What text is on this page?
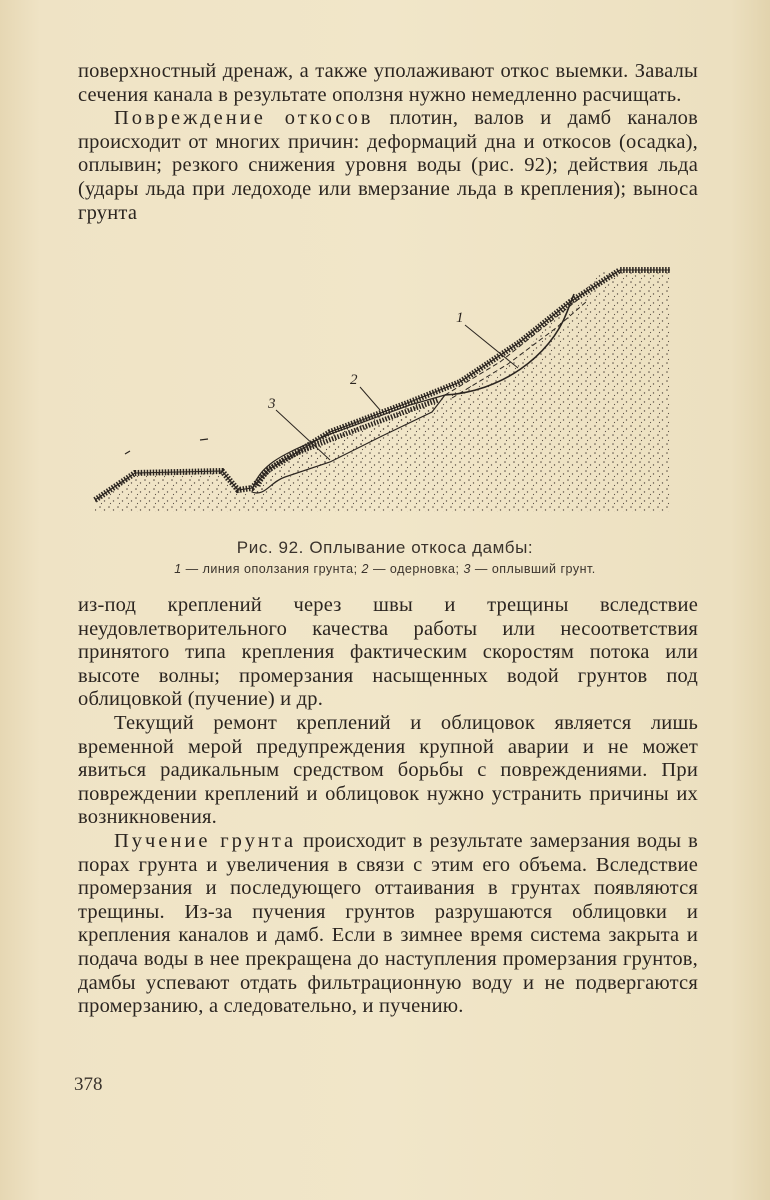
поверхностный дренаж, а также уполаживают откос выемки. Завалы сечения канала в результате оползня нужно немедленно расчищать.

Повреждение откосов плотин, валов и дамб каналов происходит от многих причин: деформаций дна и откосов (осадка), оплывин; резкого снижения уровня воды (рис. 92); действия льда (удары льда при ледоходе или вмерзание льда в крепления); выноса грунта

1
2
3
Рис. 92. Оплывание откоса дамбы:
1 — линия оползания грунта; 2 — одерновка; 3 — оплывший грунт.

из-под креплений через швы и трещины вследствие неудовлетворительного качества работы или несоответствия принятого типа крепления фактическим скоростям потока или высоте волны; промерзания насыщенных водой грунтов под облицовкой (пучение) и др.

Текущий ремонт креплений и облицовок является лишь временной мерой предупреждения крупной аварии и не может явиться радикальным средством борьбы с повреждениями. При повреждении креплений и облицовок нужно устранить причины их возникновения.

Пучение грунта происходит в результате замерзания воды в порах грунта и увеличения в связи с этим его объема. Вследствие промерзания и последующего оттаивания в грунтах появляются трещины. Из-за пучения грунтов разрушаются облицовки и крепления каналов и дамб. Если в зимнее время система закрыта и подача воды в нее прекращена до наступления промерзания грунтов, дамбы успевают отдать фильтрационную воду и не подвергаются промерзанию, а следовательно, и пучению.

378
